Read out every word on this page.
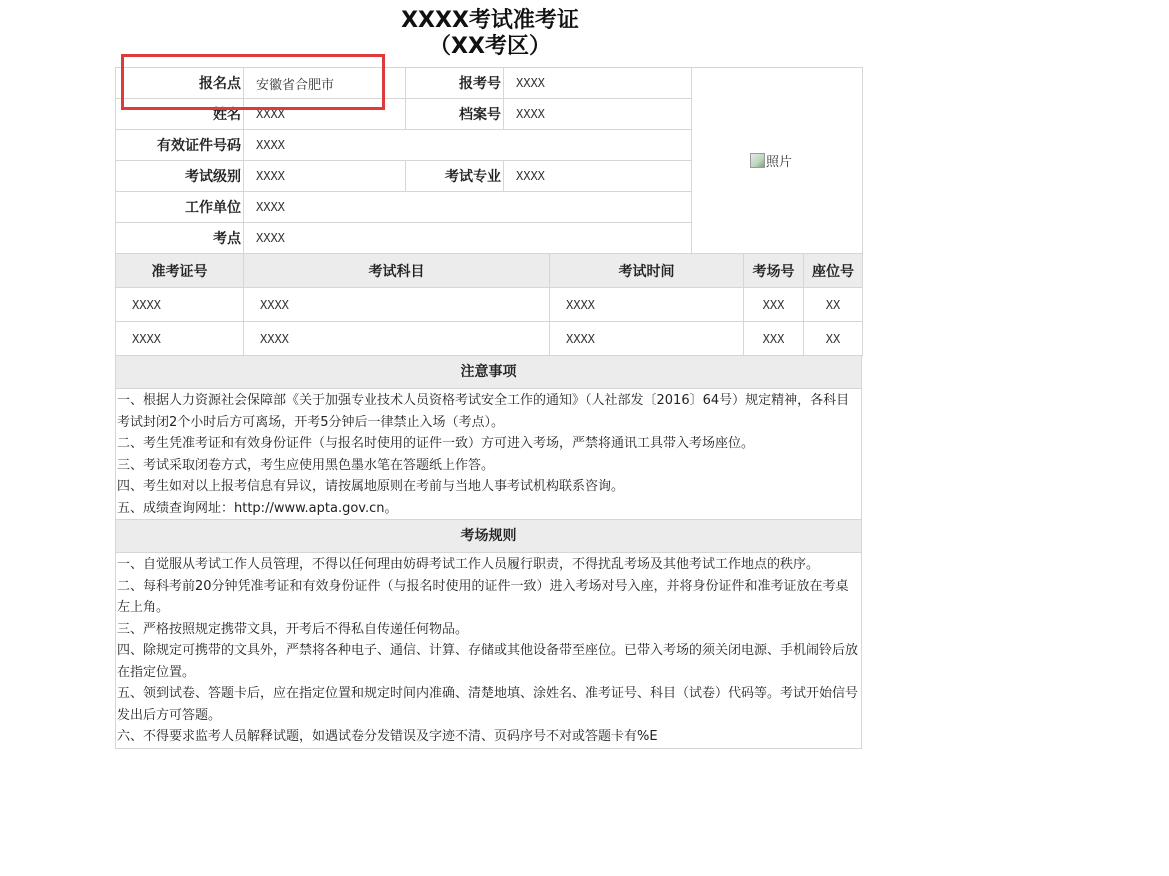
XXXX考试准考证
（XX考区）
报名点	安徽省合肥市	报考号	XXXX	照片
姓名	XXXX	档案号	XXXX	
有效证件号码	XXXX			
考试级别	XXXX	考试专业	XXXX	
工作单位	XXXX			
考点	XXXX			
准考证号	考试科目	考试时间	考场号	座位号
XXXX	XXXX	XXXX	XXX	XX
XXXX	XXXX	XXXX	XXX	XX
注意事项

一、根据人力资源社会保障部《关于加强专业技术人员资格考试安全工作的通知》（人社部发〔2016〕64号）规定精神，各科目考试封闭2个小时后方可离场，开考5分钟后一律禁止入场（考点）。

二、考生凭准考证和有效身份证件（与报名时使用的证件一致）方可进入考场，严禁将通讯工具带入考场座位。

三、考试采取闭卷方式，考生应使用黑色墨水笔在答题纸上作答。

四、考生如对以上报考信息有异议，请按属地原则在考前与当地人事考试机构联系咨询。

五、成绩查询网址：http://www.apta.gov.cn。

考场规则

一、自觉服从考试工作人员管理，不得以任何理由妨碍考试工作人员履行职责，不得扰乱考场及其他考试工作地点的秩序。

二、每科考前20分钟凭准考证和有效身份证件（与报名时使用的证件一致）进入考场对号入座，并将身份证件和准考证放在考桌左上角。

三、严格按照规定携带文具，开考后不得私自传递任何物品。

四、除规定可携带的文具外，严禁将各种电子、通信、计算、存储或其他设备带至座位。已带入考场的须关闭电源、手机闹铃后放在指定位置。

五、领到试卷、答题卡后，应在指定位置和规定时间内准确、清楚地填、涂姓名、准考证号、科目（试卷）代码等。考试开始信号发出后方可答题。

六、不得要求监考人员解释试题，如遇试卷分发错误及字迹不清、页码序号不对或答题卡有%E
